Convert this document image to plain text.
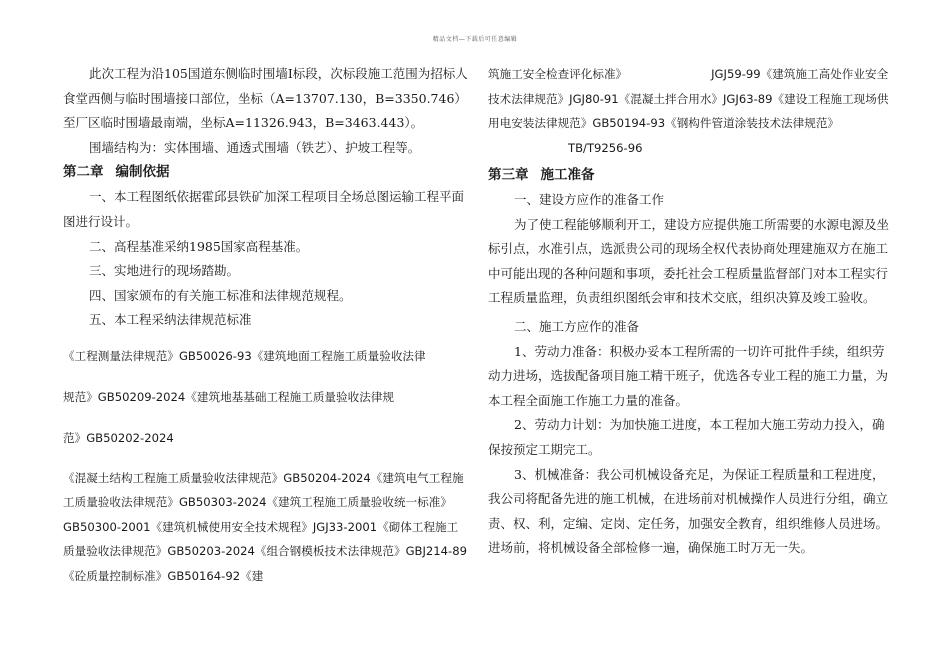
精品文档—下载后可任意编辑

此次工程为沿105国道东侧临时围墙Ⅰ标段，次标段施工范围为招标人食堂西侧与临时围墙接口部位，坐标（A=13707.130，B=3350.746）至厂区临时围墙最南端，坐标A=11326.943，B=3463.443）。

围墙结构为：实体围墙、通透式围墙（铁艺）、护坡工程等。

第二章 编制依据

一、本工程图纸依据霍邱县铁矿加深工程项目全场总图运输工程平面图进行设计。

二、高程基准采纳1985国家高程基准。

三、实地进行的现场踏勘。

四、国家颁布的有关施工标准和法律规范规程。

五、本工程采纳法律规范标准

《工程测量法律规范》GB50026-93《建筑地面工程施工质量验收法律

规范》GB50209-2024《建筑地基基础工程施工质量验收法律规

范》GB50202-2024

《混凝土结构工程施工质量验收法律规范》GB50204-2024《建筑电气工程施工质量验收法律规范》GB50303-2024《建筑工程施工质量验收统一标准》GB50300-2001《建筑机械使用安全技术规程》JGJ33-2001《砌体工程施工质量验收法律规范》GB50203-2024《组合钢模板技术法律规范》GBJ214-89《砼质量控制标准》GB50164-92《建

筑施工安全检查评化标准》	JGJ59-99《建筑施工高处作业安全技术法律规范》JGJ80-91《混凝土拌合用水》JGJ63-89《建设工程施工现场供用电安装法律规范》GB50194-93《钢构件管道涂装技术法律规范》TB/T9256-96

第三章 施工准备

一、建设方应作的准备工作

为了使工程能够顺利开工，建设方应提供施工所需要的水源电源及坐标引点，水准引点，选派贵公司的现场全权代表协商处理建施双方在施工中可能出现的各种问题和事项，委托社会工程质量监督部门对本工程实行工程质量监理，负责组织图纸会审和技术交底，组织决算及竣工验收。

二、施工方应作的准备

1、劳动力准备：积极办妥本工程所需的一切许可批件手续，组织劳动力进场，选拔配备项目施工精干班子，优选各专业工程的施工力量，为本工程全面施工作施工力量的准备。

2、劳动力计划：为加快施工进度，本工程加大施工劳动力投入，确保按预定工期完工。

3、机械准备：我公司机械设备充足，为保证工程质量和工程进度，我公司将配备先进的施工机械，在进场前对机械操作人员进行分组，确立责、权、利，定编、定岗、定任务，加强安全教育，组织维修人员进场。进场前，将机械设备全部检修一遍，确保施工时万无一失。
